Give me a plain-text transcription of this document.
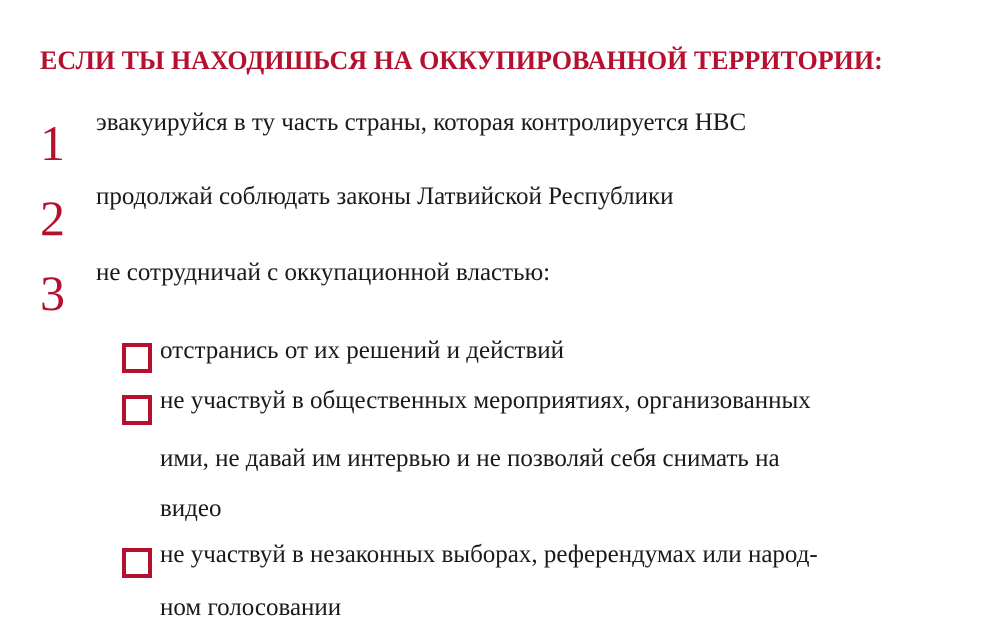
ЕСЛИ ТЫ НАХОДИШЬСЯ НА ОККУПИРОВАННОЙ ТЕРРИТОРИИ:
1 эвакуируйся в ту часть страны, которая контролируется НВС
2 продолжай соблюдать законы Латвийской Республики
3 не сотрудничай с оккупационной властью:
отстранись от их решений и действий
не участвуй в общественных мероприятиях, организованных
ими, не давай им интервью и не позволяй себя снимать на
видео
не участвуй в незаконных выборах, референдумах или народ-
ном голосовании
